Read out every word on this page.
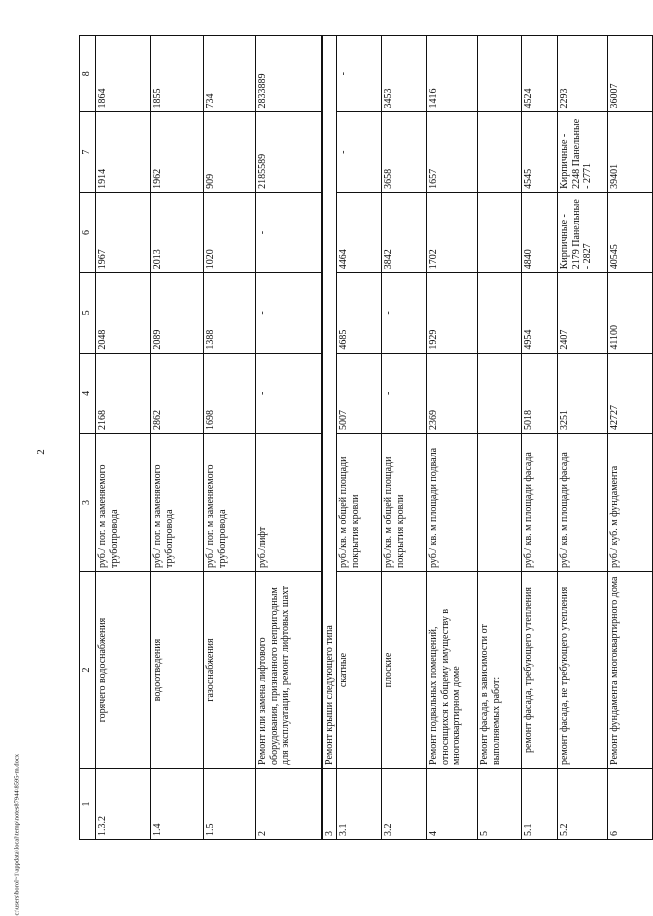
2
1	2	3	4	5	6	7	8
1.3.2	горячего водоснабжения	руб./ пог. м заменяемого трубопровода	2168	2048	1967	1914	1864
1.4	водоотведения	руб./ пог. м заменяемого трубопровода	2862	2089	2013	1962	1855
1.5	газоснабжения	руб./ пог. м заменяемого трубопровода	1698	1388	1020	909	734
2	Ремонт или замена лифтового оборудования, признанного непригодным для эксплуатации, ремонт лифтовых шахт	руб./лифт	-	-	-	2185589	2833889
3	Ремонт крыши следующего типа						
3.1	скатные	руб./кв. м общей площади покрытия кровли	5007	4685	4464	-	-
3.2	плоские	руб./кв. м общей площади покрытия кровли	-	-	3842	3658	3453
4	Ремонт подвальных помещений, относящихся к общему имуществу в многоквартирном доме	руб./ кв. м площади подвала	2369	1929	1702	1657	1416
5	Ремонт фасада, в зависимости от выполняемых работ:						
5.1	ремонт фасада, требующего утепления	руб./ кв. м площади фасада	5018	4954	4840	4545	4524
5.2	ремонт фасада, не требующего утепления	руб./ кв. м площади фасада	3251	2407	Кирпичные - 2179 Панельные - 2827	Кирпичные - 2248 Панельные - 2771	2293
6	Ремонт фундамента многоквартирного дома	руб./ куб. м фундамента	42727	41100	40545	39401	36007
c:\users\borol~1\appdata\local\temp\notes87944\8595-m.docx
